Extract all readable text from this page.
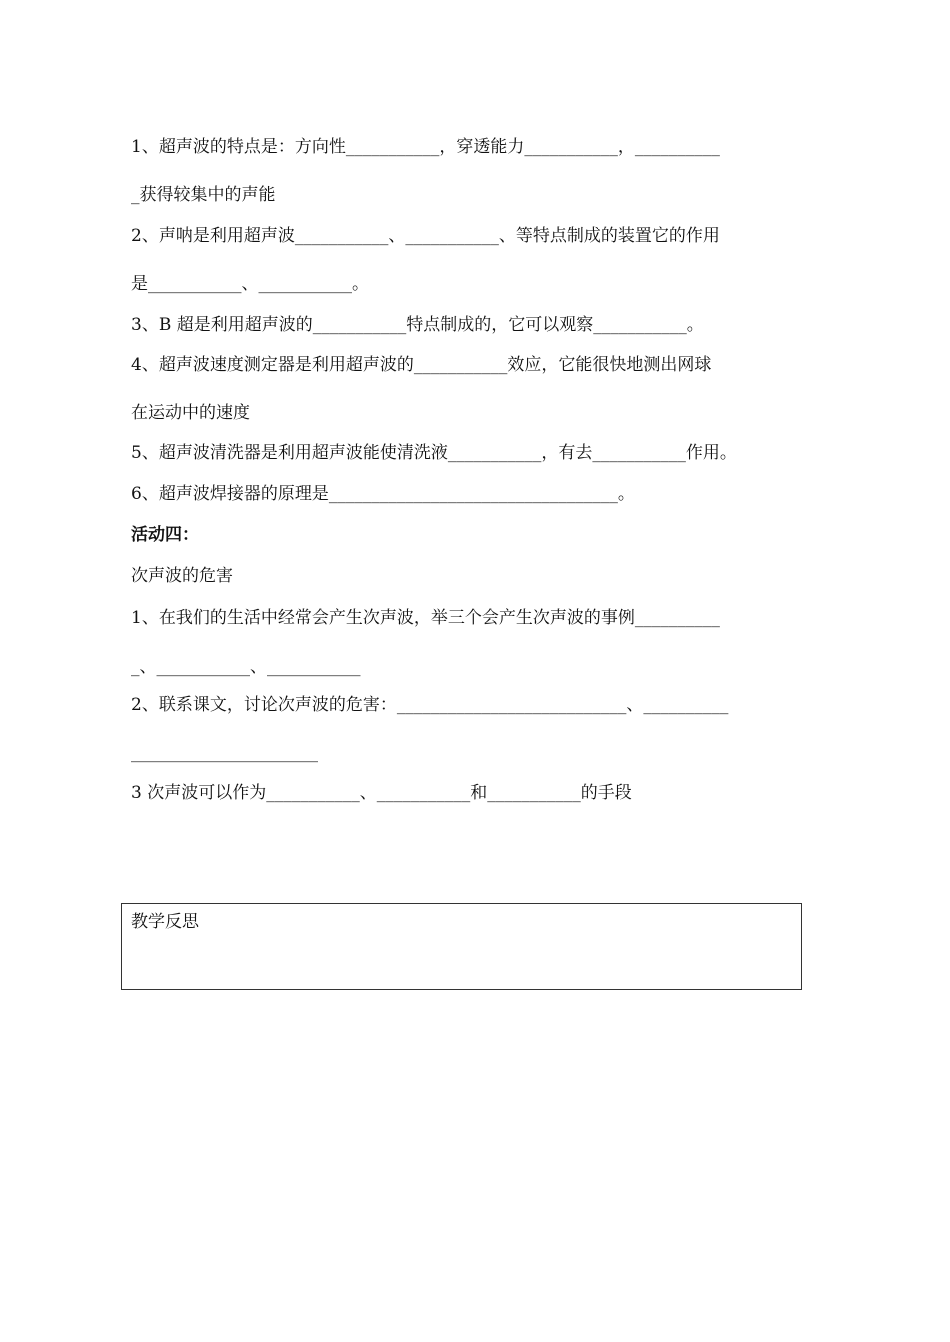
1、超声波的特点是：方向性___________，穿透能力___________，__________
_获得较集中的声能
2、声呐是利用超声波___________、___________、等特点制成的装置它的作用
是___________、___________。
3、B 超是利用超声波的___________特点制成的，它可以观察___________。
4、超声波速度测定器是利用超声波的___________效应，它能很快地测出网球
在运动中的速度
5、超声波清洗器是利用超声波能使清洗液___________，有去___________作用。
6、超声波焊接器的原理是__________________________________。
活动四：
次声波的危害
1、在我们的生活中经常会产生次声波，举三个会产生次声波的事例__________
_、___________、___________
2、联系课文，讨论次声波的危害：___________________________、__________
______________________
3 次声波可以作为___________、___________和___________的手段
教学反思
